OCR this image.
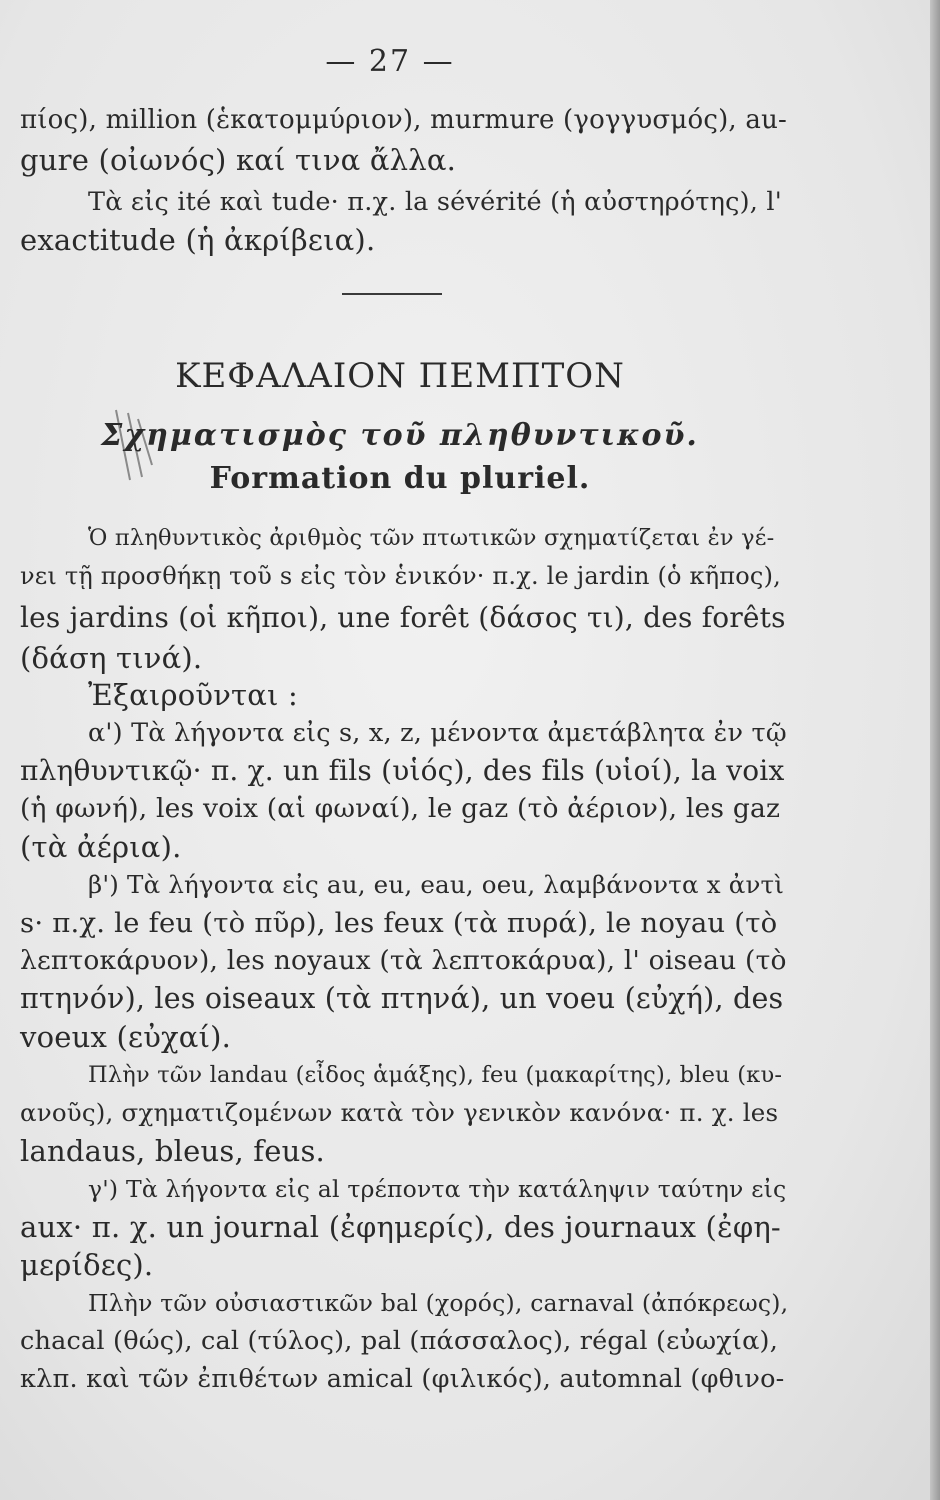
— 27 —
πίος), million (ἑκατομμύριον), murmure (γογγυσμός), au-
gure (οἰωνός) καί τινα ἄλλα.
Τὰ εἰς ité καὶ tude· π.χ. la sévérité (ἡ αὐστηρότης), l'
exactitude (ἡ ἀκρίβεια).
ΚΕΦΑΛΑΙΟΝ ΠΕΜΠΤΟΝ
Σχηματισμὸς τοῦ πληθυντικοῦ.
Formation du pluriel.
Ὁ πληθυντικὸς ἀριθμὸς τῶν πτωτικῶν σχηματίζεται ἐν γέ-
νει τῇ προσθήκῃ τοῦ s εἰς τὸν ἑνικόν· π.χ. le jardin (ὁ κῆπος),
les jardins (οἱ κῆποι), une forêt (δάσος τι), des forêts
(δάση τινά).
Ἐξαιροῦνται :
α') Τὰ λήγοντα εἰς s, x, z, μένοντα ἀμετάβλητα ἐν τῷ
πληθυντικῷ· π. χ. un fils (υἱός), des fils (υἱοί), la voix
(ἡ φωνή), les voix (αἱ φωναί), le gaz (τὸ ἀέριον), les gaz
(τὰ ἀέρια).
β') Τὰ λήγοντα εἰς au, eu, eau, oeu, λαμβάνοντα x ἀντὶ
s· π.χ. le feu (τὸ πῦρ), les feux (τὰ πυρά), le noyau (τὸ
λεπτοκάρυον), les noyaux (τὰ λεπτοκάρυα), l' oiseau (τὸ
πτηνόν), les oiseaux (τὰ πτηνά), un voeu (εὐχή), des
voeux (εὐχαί).
Πλὴν τῶν landau (εἶδος ἁμάξης), feu (μακαρίτης), bleu (κυ-
ανοῦς), σχηματιζομένων κατὰ τὸν γενικὸν κανόνα· π. χ. les
landaus, bleus, feus.
γ') Τὰ λήγοντα εἰς al τρέποντα τὴν κατάληψιν ταύτην εἰς
aux· π. χ. un journal (ἐφημερίς), des journaux (ἐφη-
μερίδες).
Πλὴν τῶν οὐσιαστικῶν bal (χορός), carnaval (ἀπόκρεως),
chacal (θώς), cal (τύλος), pal (πάσσαλος), régal (εὐωχία),
κλπ. καὶ τῶν ἐπιθέτων amical (φιλικός), automnal (φθινο-
